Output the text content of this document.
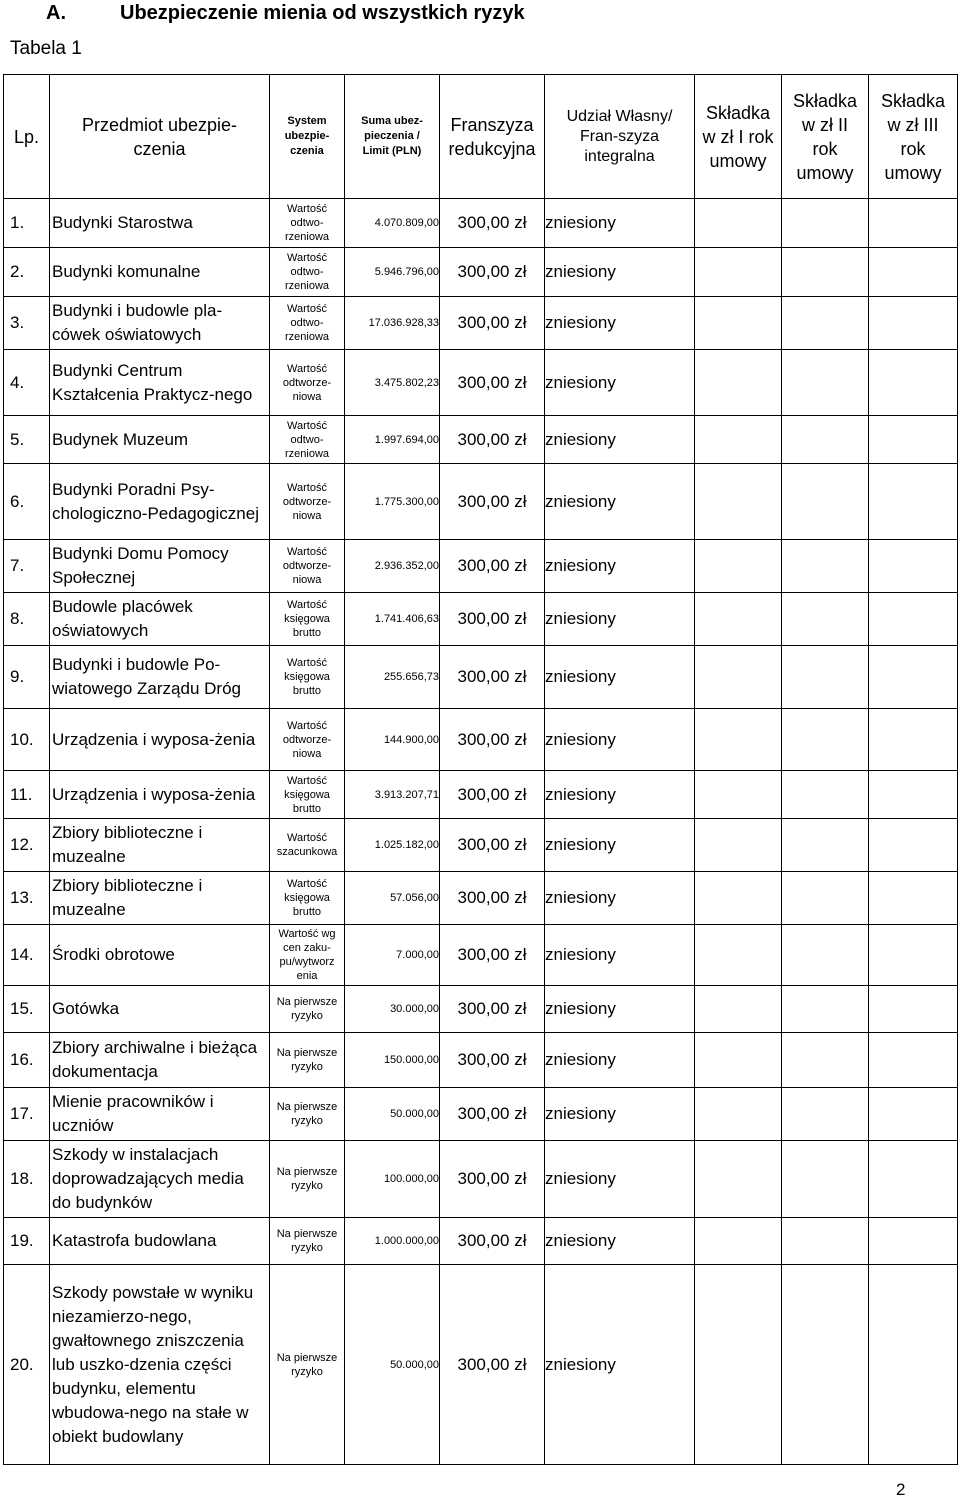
A.	Ubezpieczenie mienia od wszystkich ryzyk
Tabela 1
Lp.	Przedmiot ubezpie-czenia	System ubezpie-czenia	Suma ubez-pieczenia / Limit (PLN)	Franszyza redukcyjna	Udział Własny/ Fran-szyza integralna	Składka w zł I rok umowy	Składka w zł II rok umowy	Składka w zł III rok umowy
1.	Budynki Starostwa	Wartość odtwo-rzeniowa	4.070.809,00	300,00 zł	zniesiony			
2.	Budynki komunalne	Wartość odtwo-rzeniowa	5.946.796,00	300,00 zł	zniesiony			
3.	Budynki i budowle pla-cówek oświatowych	Wartość odtwo-rzeniowa	17.036.928,33	300,00 zł	zniesiony			
4.	Budynki Centrum Kształcenia Praktycz-nego	Wartość odtworze-niowa	3.475.802,23	300,00 zł	zniesiony			
5.	Budynek Muzeum	Wartość odtwo-rzeniowa	1.997.694,00	300,00 zł	zniesiony			
6.	Budynki Poradni Psy-chologiczno-Pedagogicznej	Wartość odtworze-niowa	1.775.300,00	300,00 zł	zniesiony			
7.	Budynki Domu Pomocy Społecznej	Wartość odtworze-niowa	2.936.352,00	300,00 zł	zniesiony			
8.	Budowle placówek oświatowych	Wartość księgowa brutto	1.741.406,63	300,00 zł	zniesiony			
9.	Budynki i budowle Po-wiatowego Zarządu Dróg	Wartość księgowa brutto	255.656,73	300,00 zł	zniesiony			
10.	Urządzenia i wyposa-żenia	Wartość odtworze-niowa	144.900,00	300,00 zł	zniesiony			
11.	Urządzenia i wyposa-żenia	Wartość księgowa brutto	3.913.207,71	300,00 zł	zniesiony			
12.	Zbiory biblioteczne i muzealne	Wartość szacunkowa	1.025.182,00	300,00 zł	zniesiony			
13.	Zbiory biblioteczne i muzealne	Wartość księgowa brutto	57.056,00	300,00 zł	zniesiony			
14.	Środki obrotowe	Wartość wg cen zaku-pu/wytworz enia	7.000,00	300,00 zł	zniesiony			
15.	Gotówka	Na pierwsze ryzyko	30.000,00	300,00 zł	zniesiony			
16.	Zbiory archiwalne i bieżąca dokumentacja	Na pierwsze ryzyko	150.000,00	300,00 zł	zniesiony			
17.	Mienie pracowników i uczniów	Na pierwsze ryzyko	50.000,00	300,00 zł	zniesiony			
18.	Szkody w instalacjach doprowadzających media do budynków	Na pierwsze ryzyko	100.000,00	300,00 zł	zniesiony			
19.	Katastrofa budowlana	Na pierwsze ryzyko	1.000.000,00	300,00 zł	zniesiony			
20.	Szkody powstałe w wyniku niezamierzo-nego, gwałtownego zniszczenia lub uszko-dzenia części budynku, elementu wbudowa-nego na stałe w obiekt budowlany	Na pierwsze ryzyko	50.000,00	300,00 zł	zniesiony			
2
